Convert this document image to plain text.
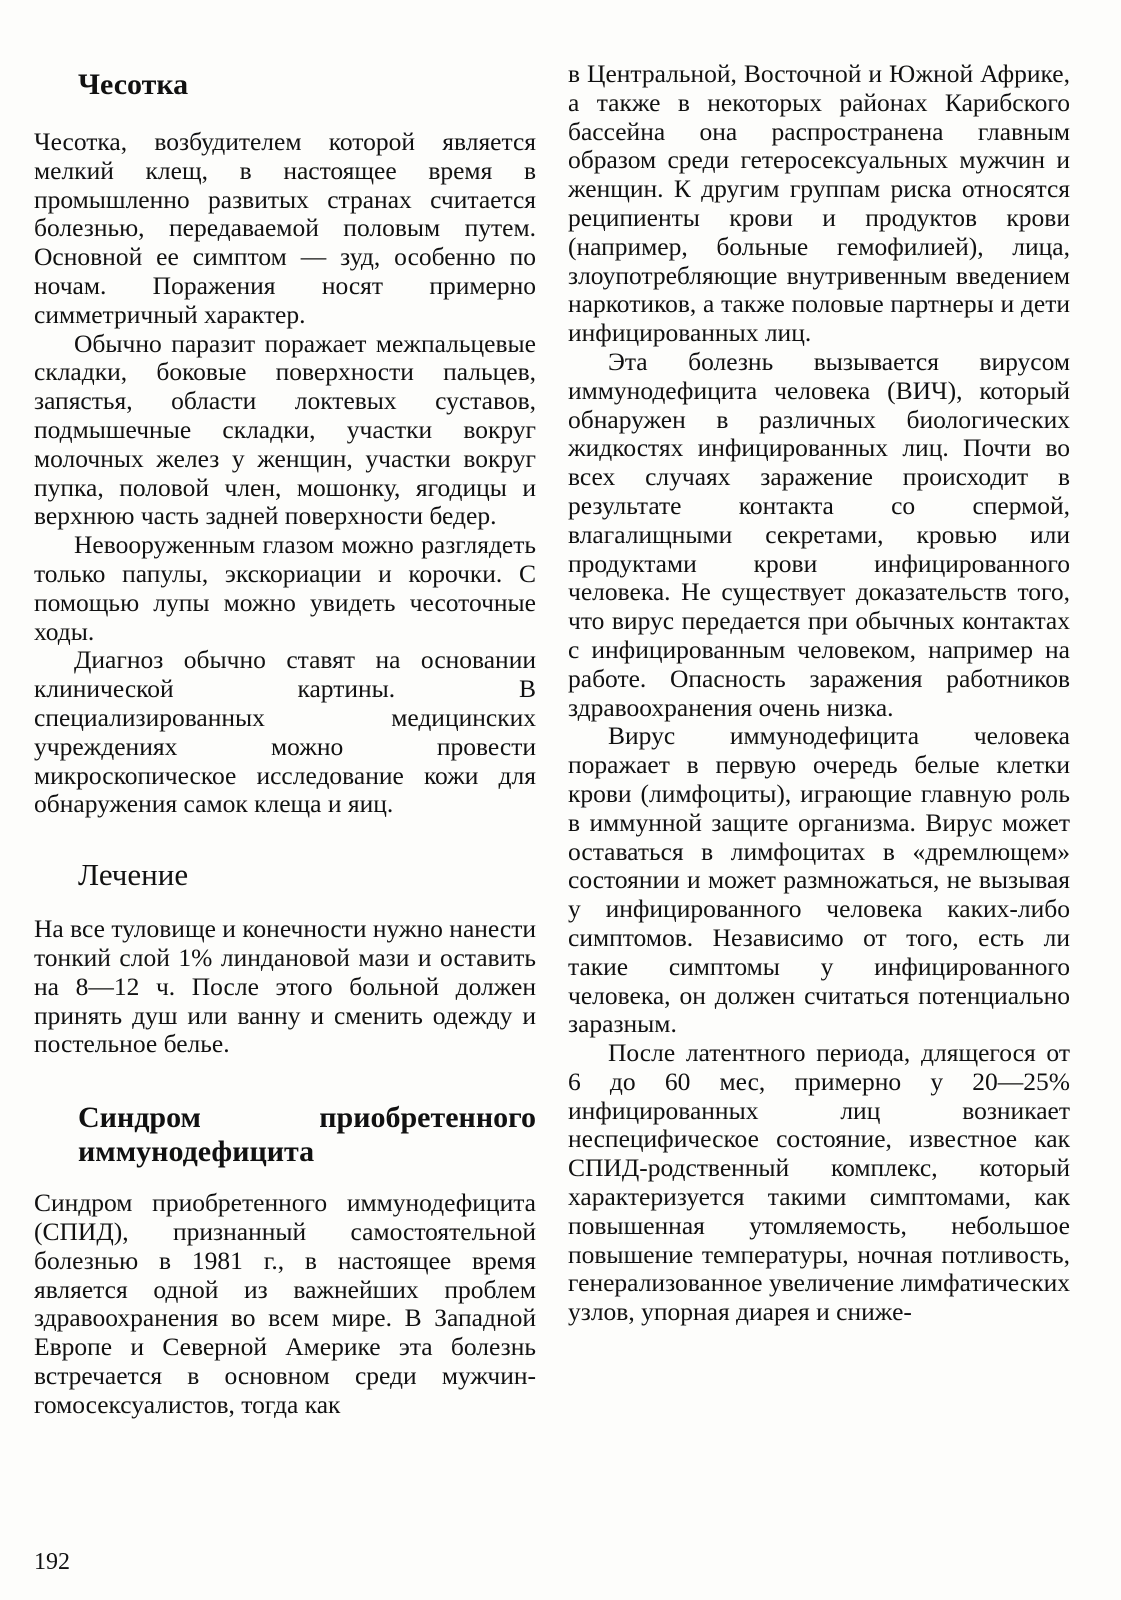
Чесотка

Чесотка, возбудителем которой является мелкий клещ, в настоящее время в промышленно развитых странах считается болезнью, передаваемой половым путем. Основной ее симптом — зуд, особенно по ночам. Поражения носят примерно симметричный характер.

Обычно паразит поражает межпальцевые складки, боковые поверхности пальцев, запястья, области локтевых суставов, подмышечные складки, участки вокруг молочных желез у женщин, участки вокруг пупка, половой член, мошонку, ягодицы и верхнюю часть задней поверхности бедер.

Невооруженным глазом можно разглядеть только папулы, экскориации и корочки. С помощью лупы можно увидеть чесоточные ходы.

Диагноз обычно ставят на основании клинической картины. В специализированных медицинских учреждениях можно провести микроскопическое исследование кожи для обнаружения самок клеща и яиц.

Лечение

На все туловище и конечности нужно нанести тонкий слой 1% линдановой мази и оставить на 8—12 ч. После этого больной должен принять душ или ванну и сменить одежду и постельное белье.

Синдром приобретенного иммунодефицита

Синдром приобретенного иммунодефицита (СПИД), признанный самостоятельной болезнью в 1981 г., в настоящее время является одной из важнейших проблем здравоохранения во всем мире. В Западной Европе и Северной Америке эта болезнь встречается в основном среди мужчин-гомосексуалистов, тогда как

в Центральной, Восточной и Южной Африке, а также в некоторых районах Карибского бассейна она распространена главным образом среди гетеросексуальных мужчин и женщин. К другим группам риска относятся реципиенты крови и продуктов крови (например, больные гемофилией), лица, злоупотребляющие внутривенным введением наркотиков, а также половые партнеры и дети инфицированных лиц.

Эта болезнь вызывается вирусом иммунодефицита человека (ВИЧ), который обнаружен в различных биологических жидкостях инфицированных лиц. Почти во всех случаях заражение происходит в результате контакта со спермой, влагалищными секретами, кровью или продуктами крови инфицированного человека. Не существует доказательств того, что вирус передается при обычных контактах с инфицированным человеком, например на работе. Опасность заражения работников здравоохранения очень низка.

Вирус иммунодефицита человека поражает в первую очередь белые клетки крови (лимфоциты), играющие главную роль в иммунной защите организма. Вирус может оставаться в лимфоцитах в «дремлющем» состоянии и может размножаться, не вызывая у инфицированного человека каких-либо симптомов. Независимо от того, есть ли такие симптомы у инфицированного человека, он должен считаться потенциально заразным.

После латентного периода, длящегося от 6 до 60 мес, примерно у 20—25% инфицированных лиц возникает неспецифическое состояние, известное как СПИД-родственный комплекс, который характеризуется такими симптомами, как повышенная утомляемость, небольшое повышение температуры, ночная потливость, генерализованное увеличение лимфатических узлов, упорная диарея и сниже-

192
